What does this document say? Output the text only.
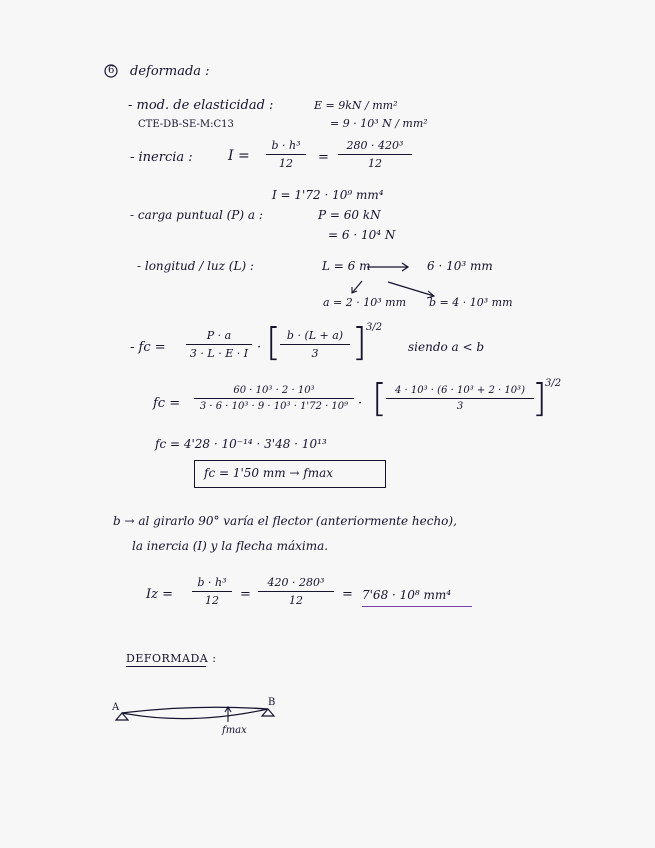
6 deformada :
- mod. de elasticidad :	E = 9kN / mm²
CTE-DB-SE-M:C13	= 9 · 10³ N / mm²
- inercia :	I =
b · h³
12	=
280 · 420³
12
I = 1'72 · 10⁹ mm⁴
- carga puntual (P) a :	P = 60 kN
= 6 · 10⁴ N
- longitud / luz (L) :	L = 6 m	6 · 10³ mm
a = 2 · 10³ mm b = 4 · 10³ mm
- fc =
P · a
3 · L · E · I · [ b · (L + a)
3 ] 3/2
siendo a < b
fc =
60 · 10³ · 2 · 10³
3 · 6 · 10³ · 9 · 10³ · 1'72 · 10⁹ · [ 4 · 10³ · (6 · 10³ + 2 · 10³)
3	]
3/2
fc = 4'28 · 10⁻¹⁴ · 3'48 · 10¹³
fc = 1'50 mm → fmax
b → al girarlo 90° varía el flector (anteriormente hecho),
la inercia (I) y la flecha máxima.
Iz =
b · h³
12	=
420 · 280³
12	= 7'68 · 10⁸ mm⁴
DEFORMADA :
A	B
fmax
